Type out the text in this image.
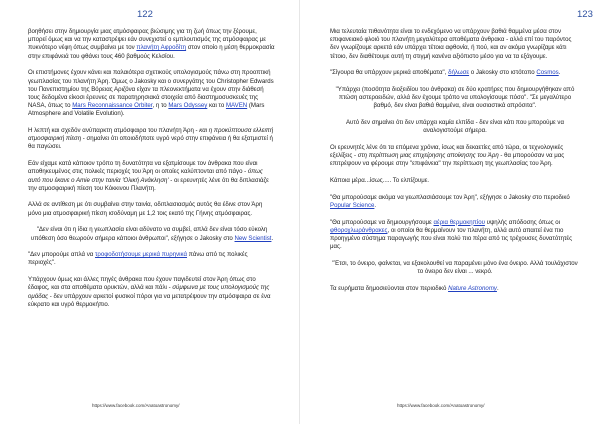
122

βοηθήσει στην δημιουργία μιας ατμόσφαιρας βιώσιμης για τη ζωή όπως την ξέρουμε, μπορεί όμως και να την καταστρέψει εάν συνεχιστεί ο εμπλουτισμός της ατμόσφαιρας με πυκνότερο νέφη όπως συμβαίνει με τον πλανήτη Αφροδίτη στον οποίο η μέση θερμοκρασία στην επιφάνειά του φθάνει τους 460 βαθμούς Κελσίου.

Οι επιστήμονες έχουν κάνει και παλαιότερα σχετικούς υπολογισμούς πάνω στη προοπτική γεωπλασίας του πλανήτη Άρη. Όμως ο Jakosky και ο συνεργάτης του Christopher Edwards του Πανεπιστημίου της Βόρειας Αριζόνα είχαν τα πλεονεκτήματα να έχουν στην διάθεσή τους δεδομένα είκοσι έρευνες σε παρατηρησιακά στοιχεία από διαστημοσυσκευές της NASA, όπως το Mars Reconnaissance Orbiter, η το Mars Odyssey και το MAVEN (Mars Atmosphere and Volatile Evolution).

Η λεπτή και σχεδόν ανύπαρκτη ατμόσφαιρα του πλανήτη Άρη - και η προκύπτουσα ελλειπή ατμοσφαιρική πίεση - σημαίνει ότι οποιοδήποτε υγρό νερό στην επιφάνεια ή θα εξατμιστεί ή θα παγώσει.

Εάν είχαμε κατά κάποιον τρόπο τη δυνατότητα να εξατμίσουμε τον άνθρακα που είναι αποθηκευμένος στις πολικές περιοχές του Άρη οι οποίες καλύπτονται από πάγο - όπως αυτό που έκανε ο Αmie στην ταινία 'Ολική Ανάκληση' - οι ερευνητές λένε ότι θα διπλασιάζε την ατμοσφαιρική πίεση του Κόκκινου Πλανήτη.

Αλλά σε αντίθεση με ότι συμβαίνει στην ταινία, οδιπλασιασμός αυτός θα έδινε στον Άρη μόνο μια ατμοσφαιρική πίεση ισοδύναμη με 1,2 τοις εκατό της Γήινης ατμόσφαιρας.

"Δεν είναι ότι η ίδια η γεωπλασία είναι αδύνατο να συμβεί, απλά δεν είναι τόσο εύκολη υπόθεση όσο θεωρούν σήμερα κάποιοι άνθρωποι", εξήγησε ο Jakosky στο New Scientist.

"Δεν μπορούμε απλά να τροφοδοτήσουμε μερικά πυρηνικά πάνω από τις πολικές περιοχές".

Υπάρχουν όμως και άλλες πηγές άνθρακα που έχουν παγιδευτεί στον Άρη όπως στο έδαφος, και στα αποθέματα ορυκτών, αλλά και πάλι - σύμφωνα με τους υπολογισμούς της ομάδας - δεν υπάρχουν αρκετοί φυσικοί πόροι για να μετατρέψουν την ατμόσφαιρα σε ένα εύκρατο και υγρό θερμοκήπιο.

https://www.facebook.com/Anatoastronomy/
123

Μια τελευταία πιθανότητα είναι το ενδεχόμενο να υπάρχουν βαθιά θαμμένα μέσα στον επιφανειακό φλοιό του πλανήτη μεγαλύτερα αποθέματα άνθρακα - αλλά επί του παρόντος δεν γνωρίζουμε αρκετά εάν υπάρχει τέτοια αφθονία, ή πού, και αν ακόμα γνωρίζαμε κάτι τέτοιο, δεν διαθέτουμε αυτή τη στιγμή κανένα αξιόπιστο μέσο για να τα εξάγουμε.

"Σίγουρα θα υπάρχουν μερικά αποθέματα", δήλωσε ο Jakosky στο ιστότοπο Cosmos.

"Υπάρχει (ποσότητα διοξειδίου του άνθρακα) σε δύο κρατήρες που δημιουργήθηκαν από πτώση αστεροειδών, αλλά δεν έχουμε τρόπο να υπολογίσουμε πόσο". "Σε μεγαλύτερο βαθμό, δεν είναι βαθιά θαμμένα, είναι ουσιαστικά απρόσιτα".

Αυτό δεν σημαίνει ότι δεν υπάρχει καμία ελπίδα - δεν είναι κάτι που μπορούμε να αναλογιστούμε σήμερα.

Οι ερευνητές λένε ότι τα επόμενα χρόνια, ίσως και δεκαετίες από τώρα, οι τεχνολογικές εξελίξεις - στη περίπτωση μιας επιχείρησης αποίκησης του Άρη - θα μπορούσαν να μας επιτρέψουν να φέρουμε στην "επιφάνεια" την περίπτωση της γεωπλασίας του Άρη.

Κάποια μέρα...ίσως..... Το ελπίζουμε.

"Θα μπορούσαμε ακόμα να γεωπλασιάσουμε τον Άρη", εξήγησε ο Jakosky στο περιοδικό Popular Science.

"Θα μπορούσαμε να δημιουργήσουμε αέρια θερμοκηπίου υψηλής απόδοσης όπως οι φθοροχλωράνθρακες, οι οποίοι θα θερμαίνουν τον πλανήτη, αλλά αυτό απαιτεί ένα πιο προηγμένο σύστημα παραγωγής που είναι πολύ πιο πέρα από τις τρέχουσες δυνατότητές μας.

"Έτσι, το όνειρο, φαίνεται, να εξακολουθεί να παραμένει μόνο ένα όνειρο. Αλλά τουλάχιστον το όνειρο δεν είναι ... νεκρό.

Τα ευρήματα δημοσιεύονται στον περιοδικό Nature Astronomy.

https://www.facebook.com/Anatoastronomy/
